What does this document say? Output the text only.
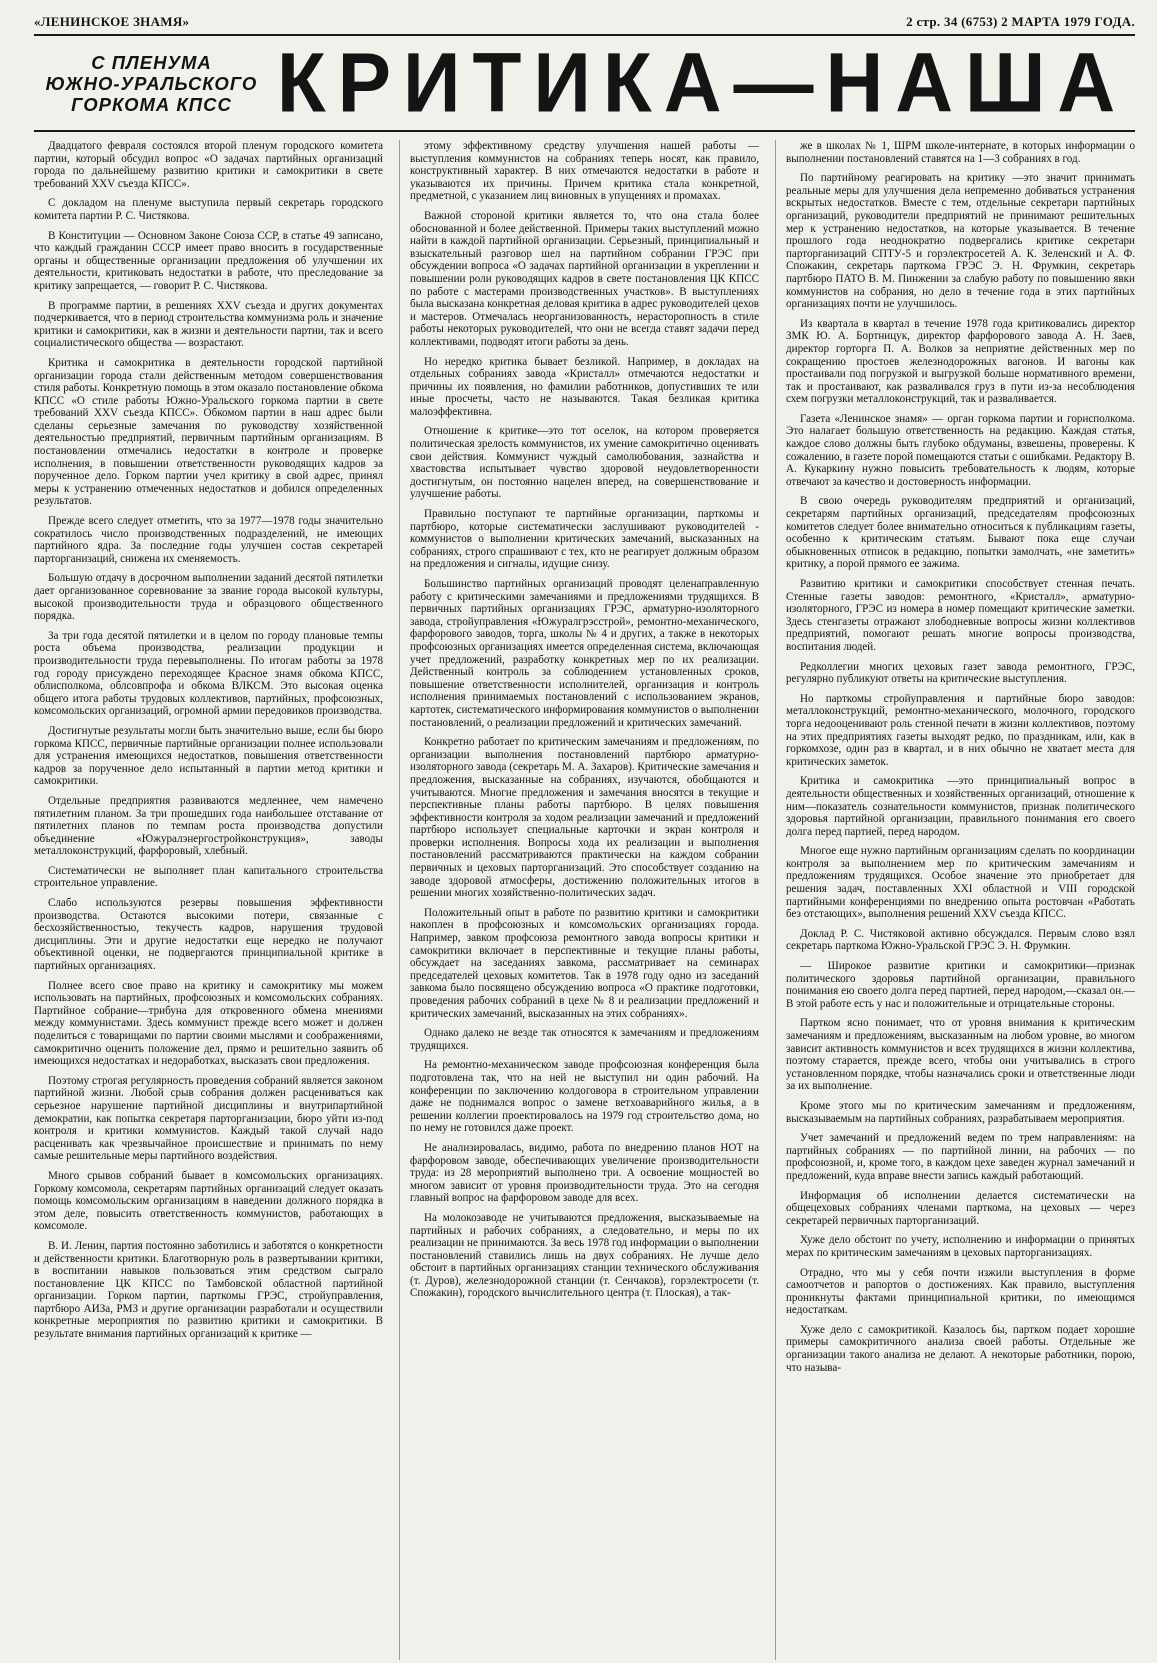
«ЛЕНИНСКОЕ ЗНАМЯ»	2 стр. 34 (6753) 2 МАРТА 1979 ГОДА.
С ПЛЕНУМА
ЮЖНО-УРАЛЬСКОГО
ГОРКОМА КПСС КРИТИКА—НАША

Двадцатого февраля состоялся второй пленум городского комитета партии, который обсудил вопрос «О задачах партийных организаций города по дальнейшему развитию критики и самокритики в свете требований XXV съезда КПСС».

С докладом на пленуме выступила первый секретарь городского комитета партии Р. С. Чистякова.

В Конституции — Основном Законе Союза ССР, в статье 49 записано, что каждый гражданин СССР имеет право вносить в государственные органы и общественные организации предложения об улучшении их деятельности, критиковать недостатки в работе, что преследование за критику запрещается, — говорит Р. С. Чистякова.

В программе партии, в решениях XXV съезда и других документах подчеркивается, что в период строительства коммунизма роль и значение критики и самокритики, как в жизни и деятельности партии, так и всего социалистического общества — возрастают.

Критика и самокритика в деятельности городской партийной организации города стали действенным методом совершенствования стиля работы. Конкретную помощь в этом оказало постановление обкома КПСС «О стиле работы Южно-Уральского горкома партии в свете требований XXV съезда КПСС». Обкомом партии в наш адрес были сделаны серьезные замечания по руководству хозяйственной деятельностью предприятий, первичным партийным организациям. В постановлении отмечались недостатки в контроле и проверке исполнения, в повышении ответственности руководящих кадров за порученное дело. Горком партии учел критику в свой адрес, принял меры к устранению отмеченных недостатков и добился определенных результатов.

Прежде всего следует отметить, что за 1977—1978 годы значительно сократилось число производственных подразделений, не имеющих партийного ядра. За последние годы улучшен состав секретарей парторганизаций, снижена их сменяемость.

Большую отдачу в досрочном выполнении заданий десятой пятилетки дает организованное соревнование за звание города высокой культуры, высокой производительности труда и образцового общественного порядка.

За три года десятой пятилетки и в целом по городу плановые темпы роста объема производства, реализации продукции и производительности труда перевыполнены. По итогам работы за 1978 год городу присуждено переходящее Красное знамя обкома КПСС, облисполкома, облсовпрофа и обкома ВЛКСМ. Это высокая оценка общего итога работы трудовых коллективов, партийных, профсоюзных, комсомольских организаций, огромной армии передовиков производства.

Достигнутые результаты могли быть значительно выше, если бы бюро горкома КПСС, первичные партийные организации полнее использовали для устранения имеющихся недостатков, повышения ответственности кадров за порученное дело испытанный в партии метод критики и самокритики.

Отдельные предприятия развиваются медленнее, чем намечено пятилетним планом. За три прошедших года наибольшее отставание от пятилетних планов по темпам роста производства допустили объединение «Южуралэнергостройконструкция», заводы металлоконструкций, фарфоровый, хлебный.

Систематически не выполняет план капитального строительства строительное управление.

Слабо используются резервы повышения эффективности производства. Остаются высокими потери, связанные с бесхозяйственностью, текучесть кадров, нарушения трудовой дисциплины. Эти и другие недостатки еще нередко не получают объективной оценки, не подвергаются принципиальной критике в партийных организациях.

Полнее всего свое право на критику и самокритику мы можем использовать на партийных, профсоюзных и комсомольских собраниях. Партийное собрание—трибуна для откровенного обмена мнениями между коммунистами. Здесь коммунист прежде всего может и должен поделиться с товарищами по партии своими мыслями и соображениями, самокритично оценить положение дел, прямо и решительно заявить об имеющихся недостатках и недоработках, высказать свои предложения.

Поэтому строгая регулярность проведения собраний является законом партийной жизни. Любой срыв собрания должен расцениваться как серьезное нарушение партийной дисциплины и внутрипартийной демократии, как попытка секретаря парторганизации, бюро уйти из-под контроля и критики коммунистов. Каждый такой случай надо расценивать как чрезвычайное происшествие и принимать по нему самые решительные меры партийного воздействия.

Много срывов собраний бывает в комсомольских организациях. Горкому комсомола, секретарям партийных организаций следует оказать помощь комсомольским организациям в наведении должного порядка в этом деле, повысить ответственность коммунистов, работающих в комсомоле.

В. И. Ленин, партия постоянно заботились и заботятся о конкретности и действенности критики. Благотворную роль в развертывании критики, в воспитании навыков пользоваться этим средством сыграло постановление ЦК КПСС по Тамбовской областной партийной организации. Горком партии, парткомы ГРЭС, стройуправления, партбюро АИЗа, РМЗ и другие организации разработали и осуществили конкретные мероприятия по развитию критики и самокритики. В результате внимания партийных организаций к критике —

этому эффективному средству улучшения нашей работы —выступления коммунистов на собраниях теперь носят, как правило, конструктивный характер. В них отмечаются недостатки в работе и указываются их причины. Причем критика стала конкретной, предметной, с указанием лиц виновных в упущениях и промахах.

Важной стороной критики является то, что она стала более обоснованной и более действенной. Примеры таких выступлений можно найти в каждой партийной организации. Серьезный, принципиальный и взыскательный разговор шел на партийном собрании ГРЭС при обсуждении вопроса «О задачах партийной организации в укреплении и повышении роли руководящих кадров в свете постановления ЦК КПСС по работе с мастерами производственных участков». В выступлениях была высказана конкретная деловая критика в адрес руководителей цехов и мастеров. Отмечалась неорганизованность, нерасторопность в стиле работы некоторых руководителей, что они не всегда ставят задачи перед коллективами, подводят итоги работы за день.

Но нередко критика бывает безликой. Например, в докладах на отдельных собраниях завода «Кристалл» отмечаются недостатки и причины их появления, но фамилии работников, допустивших те или иные просчеты, часто не называются. Такая безликая критика малоэффективна.

Отношение к критике—это тот оселок, на котором проверяется политическая зрелость коммунистов, их умение самокритично оценивать свои действия. Коммунист чуждый самолюбования, зазнайства и хвастовства испытывает чувство здоровой неудовлетворенности достигнутым, он постоянно нацелен вперед, на совершенствование и улучшение работы.

Правильно поступают те партийные организации, парткомы и партбюро, которые систематически заслушивают руководителей - коммунистов о выполнении критических замечаний, высказанных на собраниях, строго спрашивают с тех, кто не реагирует должным образом на предложения и сигналы, идущие снизу.

Большинство партийных организаций проводят целенаправленную работу с критическими замечаниями и предложениями трудящихся. В первичных партийных организациях ГРЭС, арматурно-изоляторного завода, стройуправления «Южуралгрэсстрой», ремонтно-механического, фарфорового заводов, торга, школы № 4 и других, а также в некоторых профсоюзных организациях имеется определенная система, включающая учет предложений, разработку конкретных мер по их реализации. Действенный контроль за соблюдением установленных сроков, повышение ответственности исполнителей, организация и контроль исполнения принимаемых постановлений с использованием экранов, картотек, систематического информирования коммунистов о выполнении постановлений, о реализации предложений и критических замечаний.

Конкретно работает по критическим замечаниям и предложениям, по организации выполнения постановлений партбюро арматурно-изоляторного завода (секретарь М. А. Захаров). Критические замечания и предложения, высказанные на собраниях, изучаются, обобщаются и учитываются. Многие предложения и замечания вносятся в текущие и перспективные планы работы партбюро. В целях повышения эффективности контроля за ходом реализации замечаний и предложений партбюро использует специальные карточки и экран контроля и проверки исполнения. Вопросы хода их реализации и выполнения постановлений рассматриваются практически на каждом собрании первичных и цеховых парторганизаций. Это способствует созданию на заводе здоровой атмосферы, достижению положительных итогов в решении многих хозяйственно-политических задач.

Положительный опыт в работе по развитию критики и самокритики накоплен в профсоюзных и комсомольских организациях города. Например, завком профсоюза ремонтного завода вопросы критики и самокритики включает в перспективные и текущие планы работы, обсуждает на заседаниях завкома, рассматривает на семинарах председателей цеховых комитетов. Так в 1978 году одно из заседаний завкома было посвящено обсуждению вопроса «О практике подготовки, проведения рабочих собраний в цехе № 8 и реализации предложений и критических замечаний, высказанных на этих собраниях».

Однако далеко не везде так относятся к замечаниям и предложениям трудящихся.

На ремонтно-механическом заводе профсоюзная конференция была подготовлена так, что на ней не выступил ни один рабочий. На конференции по заключению колдоговора в строительном управлении даже не поднимался вопрос о замене ветхоаварийного жилья, а в решении коллегии проектировалось на 1979 год строительство дома, но по нему не готовился даже проект.

Не анализировалась, видимо, работа по внедрению планов НОТ на фарфоровом заводе, обеспечивающих увеличение производительности труда: из 28 мероприятий выполнено три. А освоение мощностей во многом зависит от уровня производительности труда. Это на сегодня главный вопрос на фарфоровом заводе для всех.

На молокозаводе не учитываются предложения, высказываемые на партийных и рабочих собраниях, а следовательно, и меры по их реализации не принимаются. За весь 1978 год информации о выполнении постановлений ставились лишь на двух собраниях. Не лучше дело обстоит в партийных организациях станции технического обслуживания (т. Дуров), железнодорожной станции (т. Сенчаков), горэлектросети (т. Спожакин), городского вычислительного центра (т. Плоская), а так-

же в школах № 1, ШРМ школе-интернате, в которых информации о выполнении постановлений ставятся на 1—3 собраниях в год.

По партийному реагировать на критику —это значит принимать реальные меры для улучшения дела непременно добиваться устранения вскрытых недостатков. Вместе с тем, отдельные секретари партийных организаций, руководители предприятий не принимают решительных мер к устранению недостатков, на которые указывается. В течение прошлого года неоднократно подвергались критике секретари парторганизаций СПТУ-5 и горэлектросетей А. К. Зеленский и А. Ф. Спожакин, секретарь парткома ГРЭС Э. Н. Фрумкин, секретарь партбюро ПАТО В. М. Пинжении за слабую работу по повышению явки коммунистов на собрания, но дело в течение года в этих партийных организациях почти не улучшилось.

Из квартала в квартал в течение 1978 года критиковались директор ЗМК Ю. А. Бортницук, директор фарфорового завода А. Н. Заев, директор горторга П. А. Волков за неприятие действенных мер по сокращению простоев железнодорожных вагонов. И вагоны как простаивали под погрузкой и выгрузкой больше нормативного времени, так и простаивают, как разваливался груз в пути из-за несоблюдения схем погрузки металлоконструкций, так и разваливается.

Газета «Ленинское знамя» — орган горкома партии и горисполкома. Это налагает большую ответственность на редакцию. Каждая статья, каждое слово должны быть глубоко обдуманы, взвешены, проверены. К сожалению, в газете порой помещаются статьи с ошибками. Редактору В. А. Кукаркину нужно повысить требовательность к людям, которые отвечают за качество и достоверность информации.

В свою очередь руководителям предприятий и организаций, секретарям партийных организаций, председателям профсоюзных комитетов следует более внимательно относиться к публикациям газеты, особенно к критическим статьям. Бывают пока еще случаи обыкновенных отписок в редакцию, попытки замолчать, «не заметить» критику, а порой прямого ее зажима.

Развитию критики и самокритики способствует стенная печать. Стенные газеты заводов: ремонтного, «Кристалл», арматурно-изоляторного, ГРЭС из номера в номер помещают критические заметки. Здесь стенгазеты отражают злободневные вопросы жизни коллективов предприятий, помогают решать многие вопросы производства, воспитания людей.

Редколлегии многих цеховых газет завода ремонтного, ГРЭС, регулярно публикуют ответы на критические выступления.

Но парткомы стройуправления и партийные бюро заводов: металлоконструкций, ремонтно-механического, молочного, городского торга недооценивают роль стенной печати в жизни коллективов, поэтому на этих предприятиях газеты выходят редко, по праздникам, или, как в горкомхозе, один раз в квартал, и в них обычно не хватает места для критических заметок.

Критика и самокритика —это принципиальный вопрос в деятельности общественных и хозяйственных организаций, отношение к ним—показатель сознательности коммунистов, признак политического здоровья партийной организации, правильного понимания его своего долга перед партией, перед народом.

Многое еще нужно партийным организациям сделать по координации контроля за выполнением мер по критическим замечаниям и предложениям трудящихся. Особое значение это приобретает для решения задач, поставленных XXI областной и VIII городской партийными конференциями по внедрению опыта ростовчан «Работать без отстающих», выполнения решений XXV съезда КПСС.

Доклад Р. С. Чистяковой активно обсуждался. Первым слово взял секретарь парткома Южно-Уральской ГРЭС Э. Н. Фрумкин.

— Широкое развитие критики и самокритики—признак политического здоровья партийной организации, правильного понимания ею своего долга перед партией, перед народом,—сказал он.— В этой работе есть у нас и положительные и отрицательные стороны.

Партком ясно понимает, что от уровня внимания к критическим замечаниям и предложениям, высказанным на любом уровне, во многом зависит активность коммунистов и всех трудящихся в жизни коллектива, поэтому старается, прежде всего, чтобы они учитывались в строго установленном порядке, чтобы назначались сроки и ответственные люди за их выполнение.

Кроме этого мы по критическим замечаниям и предложениям, высказываемым на партийных собраниях, разрабатываем мероприятия.

Учет замечаний и предложений ведем по трем направлениям: на партийных собраниях — по партийной линии, на рабочих — по профсоюзной, и, кроме того, в каждом цехе заведен журнал замечаний и предложений, куда вправе внести запись каждый работающий.

Информация об исполнении делается систематически на общецеховых собраниях членами парткома, на цеховых — через секретарей первичных парторганизаций.

Хуже дело обстоит по учету, исполнению и информации о принятых мерах по критическим замечаниям в цеховых парторганизациях.

Отрадно, что мы у себя почти изжили выступления в форме самоотчетов и рапортов о достижениях. Как правило, выступления проникнуты фактами принципиальной критики, по имеющимся недостаткам.

Хуже дело с самокритикой. Казалось бы, партком подает хорошие примеры самокритичного анализа своей работы. Отдельные же организации такого анализа не делают. А некоторые работники, порою, что называ-
